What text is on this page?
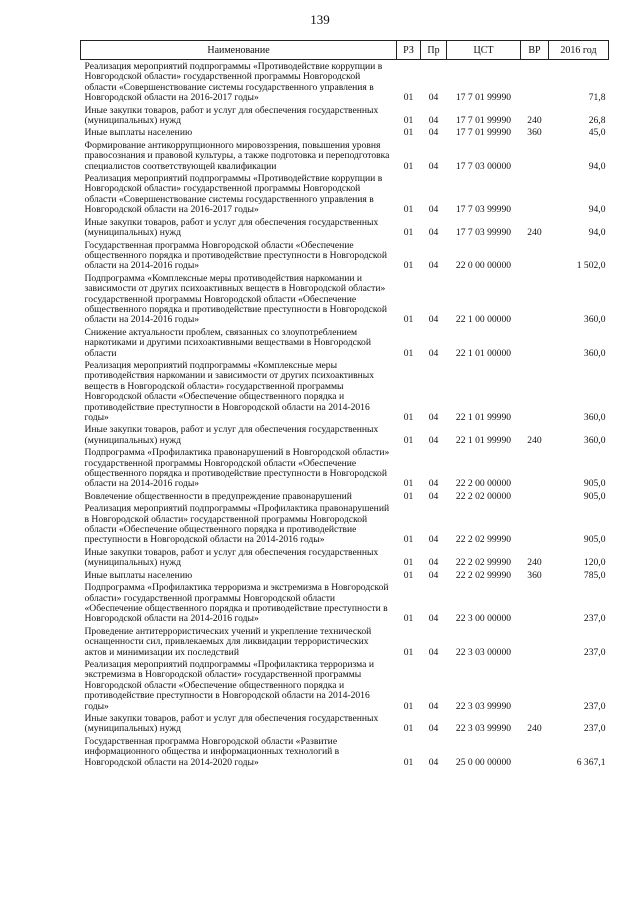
139
Наименование	РЗ	Пр	ЦСТ	ВР	2016 год
Реализация мероприятий подпрограммы «Противодействие коррупции в Новгородской области» государственной программы Новгородской области «Совершенствование системы государственного управления в Новгородской области на 2016-2017 годы»	01	04	17 7 01 99990		71,8
Иные закупки товаров, работ и услуг для обеспечения государственных (муниципальных) нужд	01	04	17 7 01 99990	240	26,8
Иные выплаты населению	01	04	17 7 01 99990	360	45,0
Формирование антикоррупционного мировоззрения, повышения уровня правосознания и правовой культуры, а также подготовка и переподготовка специалистов соответствующей квалификации	01	04	17 7 03 00000		94,0
Реализация мероприятий подпрограммы «Противодействие коррупции в Новгородской области» государственной программы Новгородской области «Совершенствование системы государственного управления в Новгородской области на 2016-2017 годы»	01	04	17 7 03 99990		94,0
Иные закупки товаров, работ и услуг для обеспечения государственных (муниципальных) нужд	01	04	17 7 03 99990	240	94,0
Государственная программа Новгородской области «Обеспечение общественного порядка и противодействие преступности в Новгородской области на 2014-2016 годы»	01	04	22 0 00 00000		1 502,0
Подпрограмма «Комплексные меры противодействия наркомании и зависимости от других психоактивных веществ в Новгородской области» государственной программы Новгородской области «Обеспечение общественного порядка и противодействие преступности в Новгородской области на 2014-2016 годы»	01	04	22 1 00 00000		360,0
Снижение актуальности проблем, связанных со злоупотреблением наркотиками и другими психоактивными веществами в Новгородской области	01	04	22 1 01 00000		360,0
Реализация мероприятий подпрограммы «Комплексные меры противодействия наркомании и зависимости от других психоактивных веществ в Новгородской области» государственной программы Новгородской области «Обеспечение общественного порядка и противодействие преступности в Новгородской области на 2014-2016 годы»	01	04	22 1 01 99990		360,0
Иные закупки товаров, работ и услуг для обеспечения государственных (муниципальных) нужд	01	04	22 1 01 99990	240	360,0
Подпрограмма «Профилактика правонарушений в Новгородской области» государственной программы Новгородской области «Обеспечение общественного порядка и противодействие преступности в Новгородской области на 2014-2016 годы»	01	04	22 2 00 00000		905,0
Вовлечение общественности в предупреждение правонарушений	01	04	22 2 02 00000		905,0
Реализация мероприятий подпрограммы «Профилактика правонарушений в Новгородской области» государственной программы Новгородской области «Обеспечение общественного порядка и противодействие преступности в Новгородской области на 2014-2016 годы»	01	04	22 2 02 99990		905,0
Иные закупки товаров, работ и услуг для обеспечения государственных (муниципальных) нужд	01	04	22 2 02 99990	240	120,0
Иные выплаты населению	01	04	22 2 02 99990	360	785,0
Подпрограмма «Профилактика терроризма и экстремизма в Новгородской области» государственной программы Новгородской области «Обеспечение общественного порядка и противодействие преступности в Новгородской области на 2014-2016 годы»	01	04	22 3 00 00000		237,0
Проведение антитеррористических учений и укрепление технической оснащенности сил, привлекаемых для ликвидации террористических актов и минимизации их последствий	01	04	22 3 03 00000		237,0
Реализация мероприятий подпрограммы «Профилактика терроризма и экстремизма в Новгородской области» государственной программы Новгородской области «Обеспечение общественного порядка и противодействие преступности в Новгородской области на 2014-2016 годы»	01	04	22 3 03 99990		237,0
Иные закупки товаров, работ и услуг для обеспечения государственных (муниципальных) нужд	01	04	22 3 03 99990	240	237,0
Государственная программа Новгородской области «Развитие информационного общества и информационных технологий в Новгородской области на 2014-2020 годы»	01	04	25 0 00 00000		6 367,1
